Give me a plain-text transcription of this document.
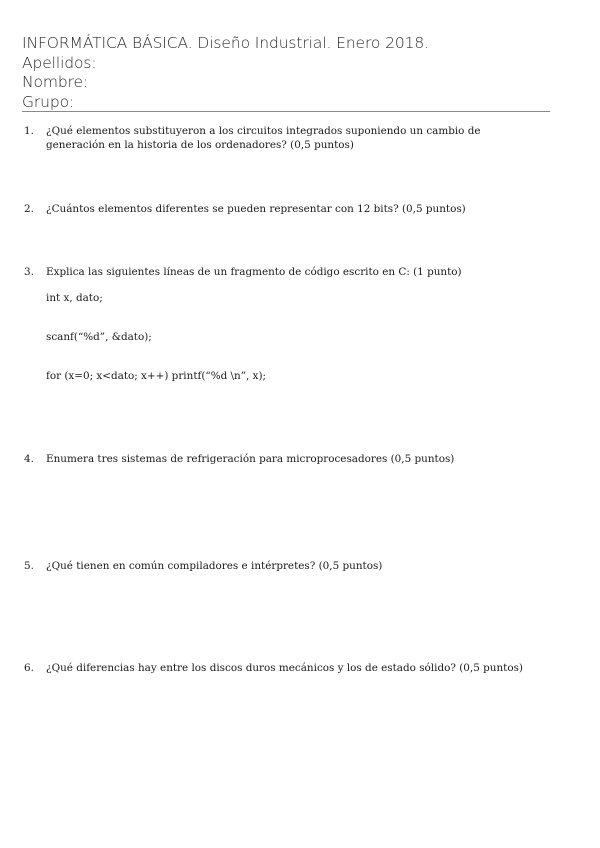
INFORMÁTICA BÁSICA. Diseño Industrial. Enero 2018.
Apellidos:
Nombre:
Grupo:
1.	¿Qué elementos substituyeron a los circuitos integrados suponiendo un cambio de generación en la historia de los ordenadores? (0,5 puntos)
2.	¿Cuántos elementos diferentes se pueden representar con 12 bits? (0,5 puntos)
3.	Explica las siguientes líneas de un fragmento de código escrito en C: (1 punto)
int x, dato;
scanf(“%d”, &dato);
for (x=0; x<dato; x++) printf(“%d \n”, x);
4.	Enumera tres sistemas de refrigeración para microprocesadores (0,5 puntos)
5.	¿Qué tienen en común compiladores e intérpretes? (0,5 puntos)
6.	¿Qué diferencias hay entre los discos duros mecánicos y los de estado sólido? (0,5 puntos)
